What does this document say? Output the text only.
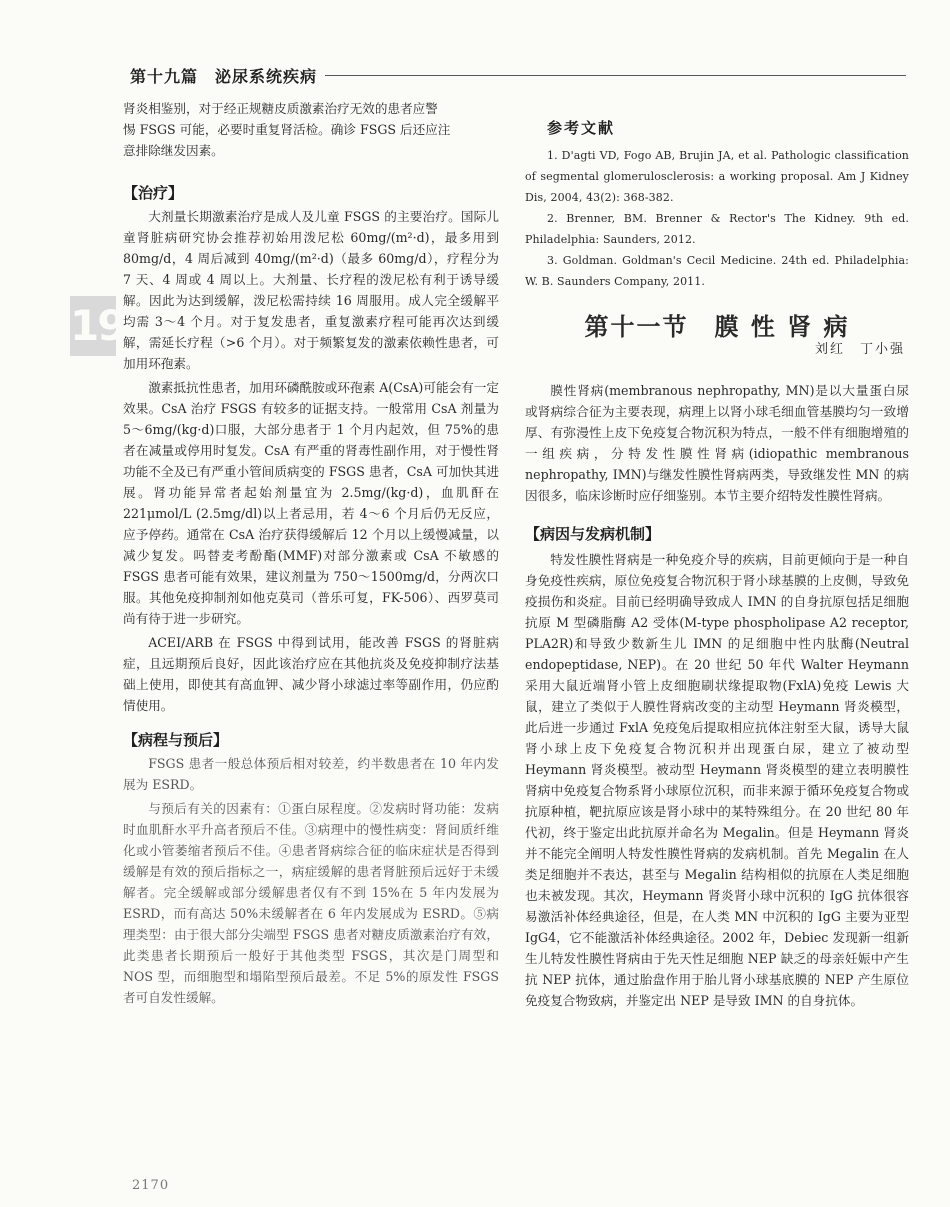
第十九篇　泌尿系统疾病
19

肾炎相鉴别，对于经正规糖皮质激素治疗无效的患者应警

惕 FSGS 可能，必要时重复肾活检。确诊 FSGS 后还应注

意排除继发因素。

【治疗】

大剂量长期激素治疗是成人及儿童 FSGS 的主要治疗。国际儿童肾脏病研究协会推荐初始用泼尼松 60mg/(m²·d)，最多用到 80mg/d，4 周后减到 40mg/(m²·d)（最多 60mg/d），疗程分为 7 天、4 周或 4 周以上。大剂量、长疗程的泼尼松有利于诱导缓解。因此为达到缓解，泼尼松需持续 16 周服用。成人完全缓解平均需 3～4 个月。对于复发患者，重复激素疗程可能再次达到缓解，需延长疗程（>6 个月）。对于频繁复发的激素依赖性患者，可加用环孢素。

激素抵抗性患者，加用环磷酰胺或环孢素 A(CsA)可能会有一定效果。CsA 治疗 FSGS 有较多的证据支持。一般常用 CsA 剂量为 5～6mg/(kg·d)口服，大部分患者于 1 个月内起效，但 75%的患者在减量或停用时复发。CsA 有严重的肾毒性副作用，对于慢性肾功能不全及已有严重小管间质病变的 FSGS 患者，CsA 可加快其进展。肾功能异常者起始剂量宜为 2.5mg/(kg·d)，血肌酐在 221μmol/L (2.5mg/dl)以上者忌用，若 4～6 个月后仍无反应，应予停药。通常在 CsA 治疗获得缓解后 12 个月以上缓慢减量，以减少复发。吗替麦考酚酯(MMF)对部分激素或 CsA 不敏感的 FSGS 患者可能有效果，建议剂量为 750～1500mg/d，分两次口服。其他免疫抑制剂如他克莫司（普乐可复，FK-506）、西罗莫司尚有待于进一步研究。

ACEI/ARB 在 FSGS 中得到试用，能改善 FSGS 的肾脏病症，且远期预后良好，因此该治疗应在其他抗炎及免疫抑制疗法基础上使用，即使其有高血钾、减少肾小球滤过率等副作用，仍应酌情使用。

【病程与预后】

FSGS 患者一般总体预后相对较差，约半数患者在 10 年内发展为 ESRD。

与预后有关的因素有：①蛋白尿程度。②发病时肾功能：发病时血肌酐水平升高者预后不佳。③病理中的慢性病变：肾间质纤维化或小管萎缩者预后不佳。④患者肾病综合征的临床症状是否得到缓解是有效的预后指标之一，病症缓解的患者肾脏预后远好于未缓解者。完全缓解或部分缓解患者仅有不到 15%在 5 年内发展为 ESRD，而有高达 50%未缓解者在 6 年内发展成为 ESRD。⑤病理类型：由于很大部分尖端型 FSGS 患者对糖皮质激素治疗有效，此类患者长期预后一般好于其他类型 FSGS，其次是门周型和 NOS 型，而细胞型和塌陷型预后最差。不足 5%的原发性 FSGS 者可自发性缓解。

参考文献

1. D'agti VD, Fogo AB, Brujin JA, et al. Pathologic classification of segmental glomerulosclerosis: a working proposal. Am J Kidney Dis, 2004, 43(2): 368-382.

2. Brenner, BM. Brenner & Rector's The Kidney. 9th ed. Philadelphia: Saunders, 2012.

3. Goldman. Goldman's Cecil Medicine. 24th ed. Philadelphia: W. B. Saunders Company, 2011.

第十一节　膜 性 肾 病
刘红　丁小强

膜性肾病(membranous nephropathy, MN)是以大量蛋白尿或肾病综合征为主要表现，病理上以肾小球毛细血管基膜均匀一致增厚、有弥漫性上皮下免疫复合物沉积为特点，一般不伴有细胞增殖的一组疾病，分特发性膜性肾病(idiopathic membranous nephropathy, IMN)与继发性膜性肾病两类，导致继发性 MN 的病因很多，临床诊断时应仔细鉴别。本节主要介绍特发性膜性肾病。

【病因与发病机制】

特发性膜性肾病是一种免疫介导的疾病，目前更倾向于是一种自身免疫性疾病，原位免疫复合物沉积于肾小球基膜的上皮侧，导致免疫损伤和炎症。目前已经明确导致成人 IMN 的自身抗原包括足细胞抗原 M 型磷脂酶 A2 受体(M-type phospholipase A2 receptor, PLA2R)和导致少数新生儿 IMN 的足细胞中性内肽酶(Neutral endopeptidase, NEP)。在 20 世纪 50 年代 Walter Heymann 采用大鼠近端肾小管上皮细胞刷状缘提取物(FxlA)免疫 Lewis 大鼠，建立了类似于人膜性肾病改变的主动型 Heymann 肾炎模型，此后进一步通过 FxlA 免疫兔后提取相应抗体注射至大鼠，诱导大鼠肾小球上皮下免疫复合物沉积并出现蛋白尿，建立了被动型 Heymann 肾炎模型。被动型 Heymann 肾炎模型的建立表明膜性肾病中免疫复合物系肾小球原位沉积，而非来源于循环免疫复合物或抗原种植，靶抗原应该是肾小球中的某特殊组分。在 20 世纪 80 年代初，终于鉴定出此抗原并命名为 Megalin。但是 Heymann 肾炎并不能完全阐明人特发性膜性肾病的发病机制。首先 Megalin 在人类足细胞并不表达，甚至与 Megalin 结构相似的抗原在人类足细胞也未被发现。其次，Heymann 肾炎肾小球中沉积的 IgG 抗体很容易激活补体经典途径，但是，在人类 MN 中沉积的 IgG 主要为亚型 IgG4，它不能激活补体经典途径。2002 年，Debiec 发现新一组新生儿特发性膜性肾病由于先天性足细胞 NEP 缺乏的母亲妊娠中产生抗 NEP 抗体，通过胎盘作用于胎儿肾小球基底膜的 NEP 产生原位免疫复合物致病，并鉴定出 NEP 是导致 IMN 的自身抗体。

2170
